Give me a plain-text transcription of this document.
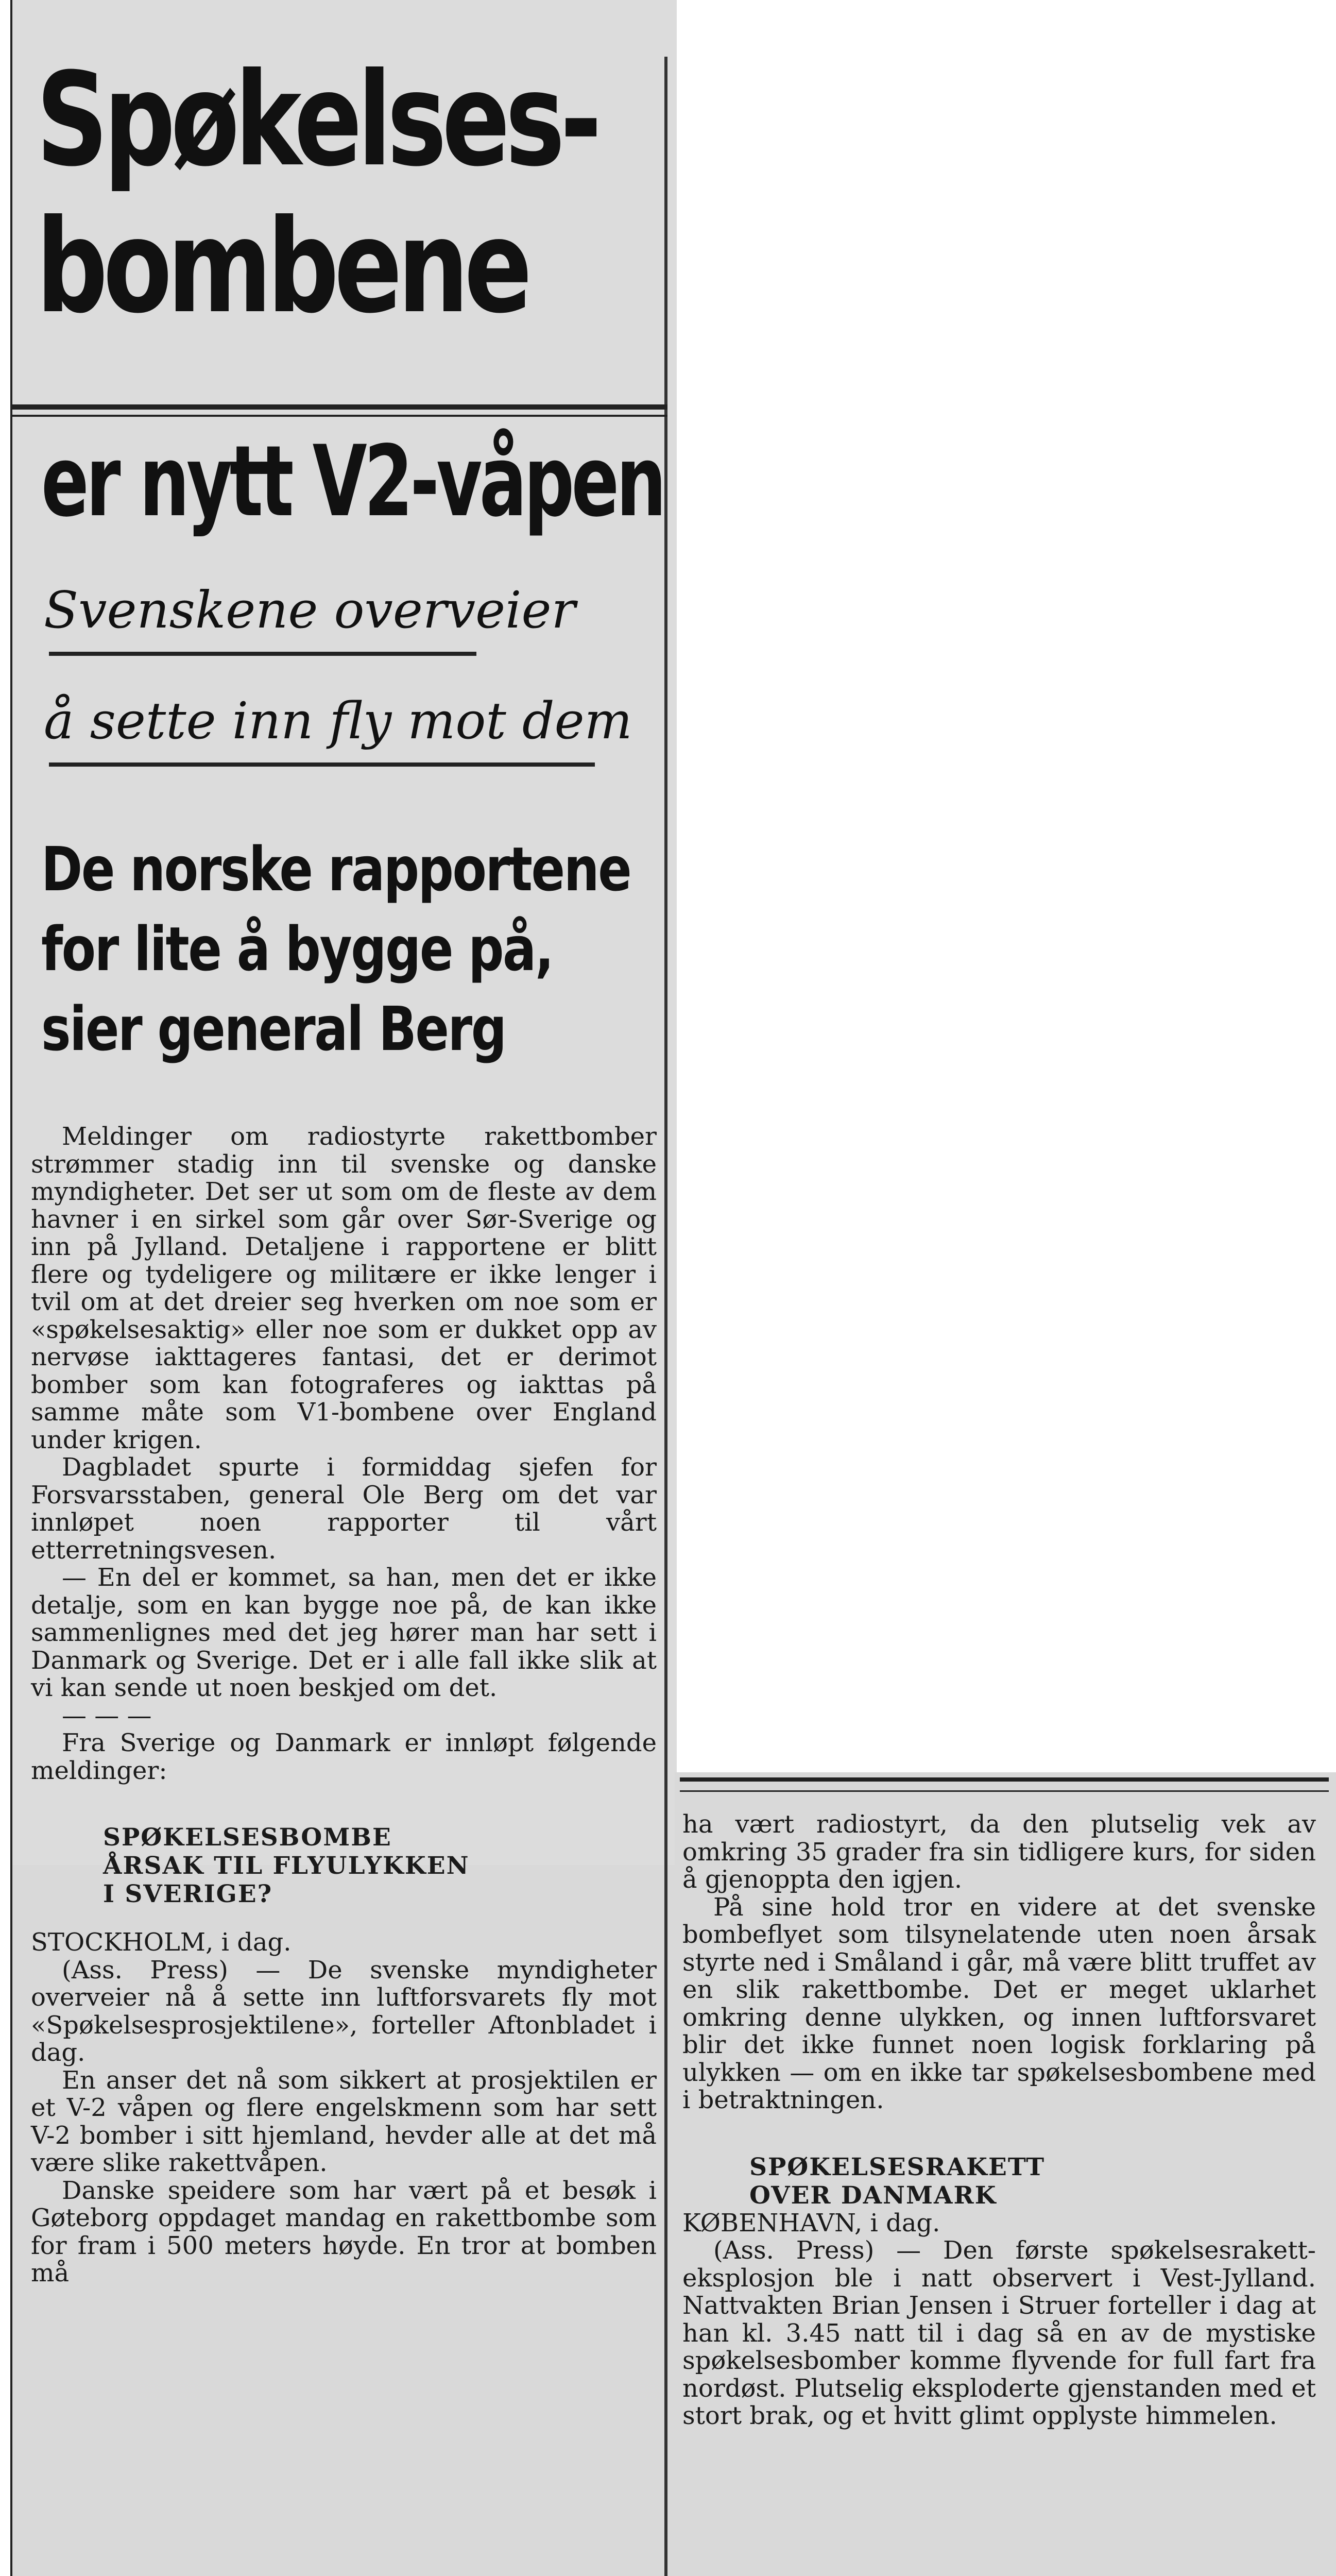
Spøkelses-
bombene
er nytt V2-våpen
Svenskene overveier
å sette inn fly mot dem
De norske rapportene
for lite å bygge på,
sier general Berg

Meldinger om radiostyrte rakettbomber strømmer stadig inn til svenske og danske myndigheter. Det ser ut som om de fleste av dem havner i en sirkel som går over Sør-Sverige og inn på Jylland. Detaljene i rapportene er blitt flere og tydeligere og militære er ikke lenger i tvil om at det dreier seg hverken om noe som er «spøkelsesaktig» eller noe som er dukket opp av nervøse iakttageres fantasi, det er derimot bomber som kan fotograferes og iakttas på samme måte som V1-bombene over England under krigen.

Dagbladet spurte i formiddag sjefen for Forsvarsstaben, general Ole Berg om det var innløpet noen rapporter til vårt etterretningsvesen.

— En del er kommet, sa han, men det er ikke detalje, som en kan bygge noe på, de kan ikke sammenlignes med det jeg hører man har sett i Danmark og Sverige. Det er i alle fall ikke slik at vi kan sende ut noen beskjed om det.

— — —

Fra Sverige og Danmark er innløpt følgende meldinger:

SPØKELSESBOMBE

ÅRSAK TIL FLYULYKKEN

I SVERIGE?

STOCKHOLM, i dag.

(Ass. Press) — De svenske myndigheter overveier nå å sette inn luftforsvarets fly mot «Spøkelsesprosjektilene», forteller Aftonbladet i dag.

En anser det nå som sikkert at prosjektilen er et V-2 våpen og flere engelskmenn som har sett V-2 bomber i sitt hjemland, hevder alle at det må være slike rakettvåpen.

Danske speidere som har vært på et besøk i Gøteborg oppdaget mandag en rakettbombe som for fram i 500 meters høyde. En tror at bomben må

ha vært radiostyrt, da den plutselig vek av omkring 35 grader fra sin tidligere kurs, for siden å gjenoppta den igjen.

På sine hold tror en videre at det svenske bombeflyet som tilsynelatende uten noen årsak styrte ned i Småland i går, må være blitt truffet av en slik rakettbombe. Det er meget uklarhet omkring denne ulykken, og innen luftforsvaret blir det ikke funnet noen logisk forklaring på ulykken — om en ikke tar spøkelsesbombene med i betraktningen.

SPØKELSESRAKETT

OVER DANMARK

KØBENHAVN, i dag.

(Ass. Press) — Den første spøkelsesrakett-eksplosjon ble i natt observert i Vest-Jylland. Nattvakten Brian Jensen i Struer forteller i dag at han kl. 3.45 natt til i dag så en av de mystiske spøkelsesbomber komme flyvende for full fart fra nordøst. Plutselig eksploderte gjenstanden med et stort brak, og et hvitt glimt opplyste himmelen.
